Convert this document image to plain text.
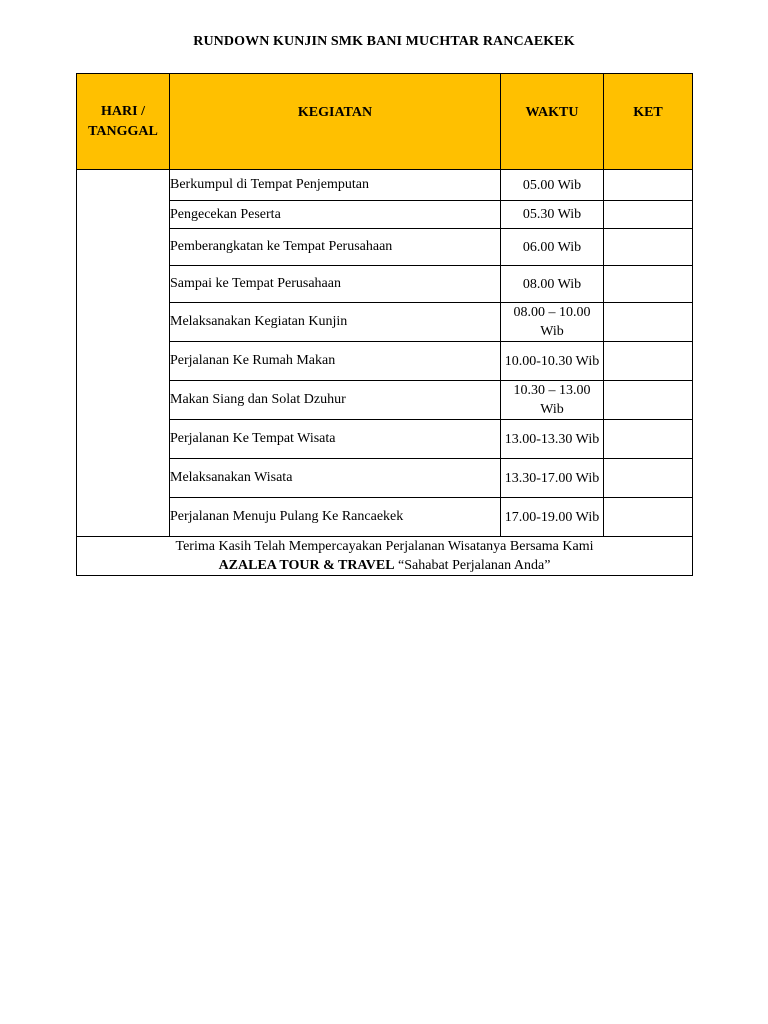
RUNDOWN KUNJIN SMK BANI MUCHTAR RANCAEKEK
HARI / TANGGAL	KEGIATAN	WAKTU	KET
	Berkumpul di Tempat Penjemputan	05.00 Wib	
	Pengecekan Peserta	05.30 Wib	
	Pemberangkatan ke Tempat Perusahaan	06.00 Wib	
	Sampai ke Tempat Perusahaan	08.00 Wib	
	Melaksanakan Kegiatan Kunjin	08.00 – 10.00 Wib	
	Perjalanan Ke Rumah Makan	10.00-10.30 Wib	
	Makan Siang dan Solat Dzuhur	10.30 – 13.00 Wib	
	Perjalanan Ke Tempat Wisata	13.00-13.30 Wib	
	Melaksanakan Wisata	13.30-17.00 Wib	
	Perjalanan Menuju Pulang Ke Rancaekek	17.00-19.00 Wib	

Terima Kasih Telah Mempercayakan Perjalanan Wisatanya Bersama Kami
AZALEA TOUR & TRAVEL “Sahabat Perjalanan Anda”			
